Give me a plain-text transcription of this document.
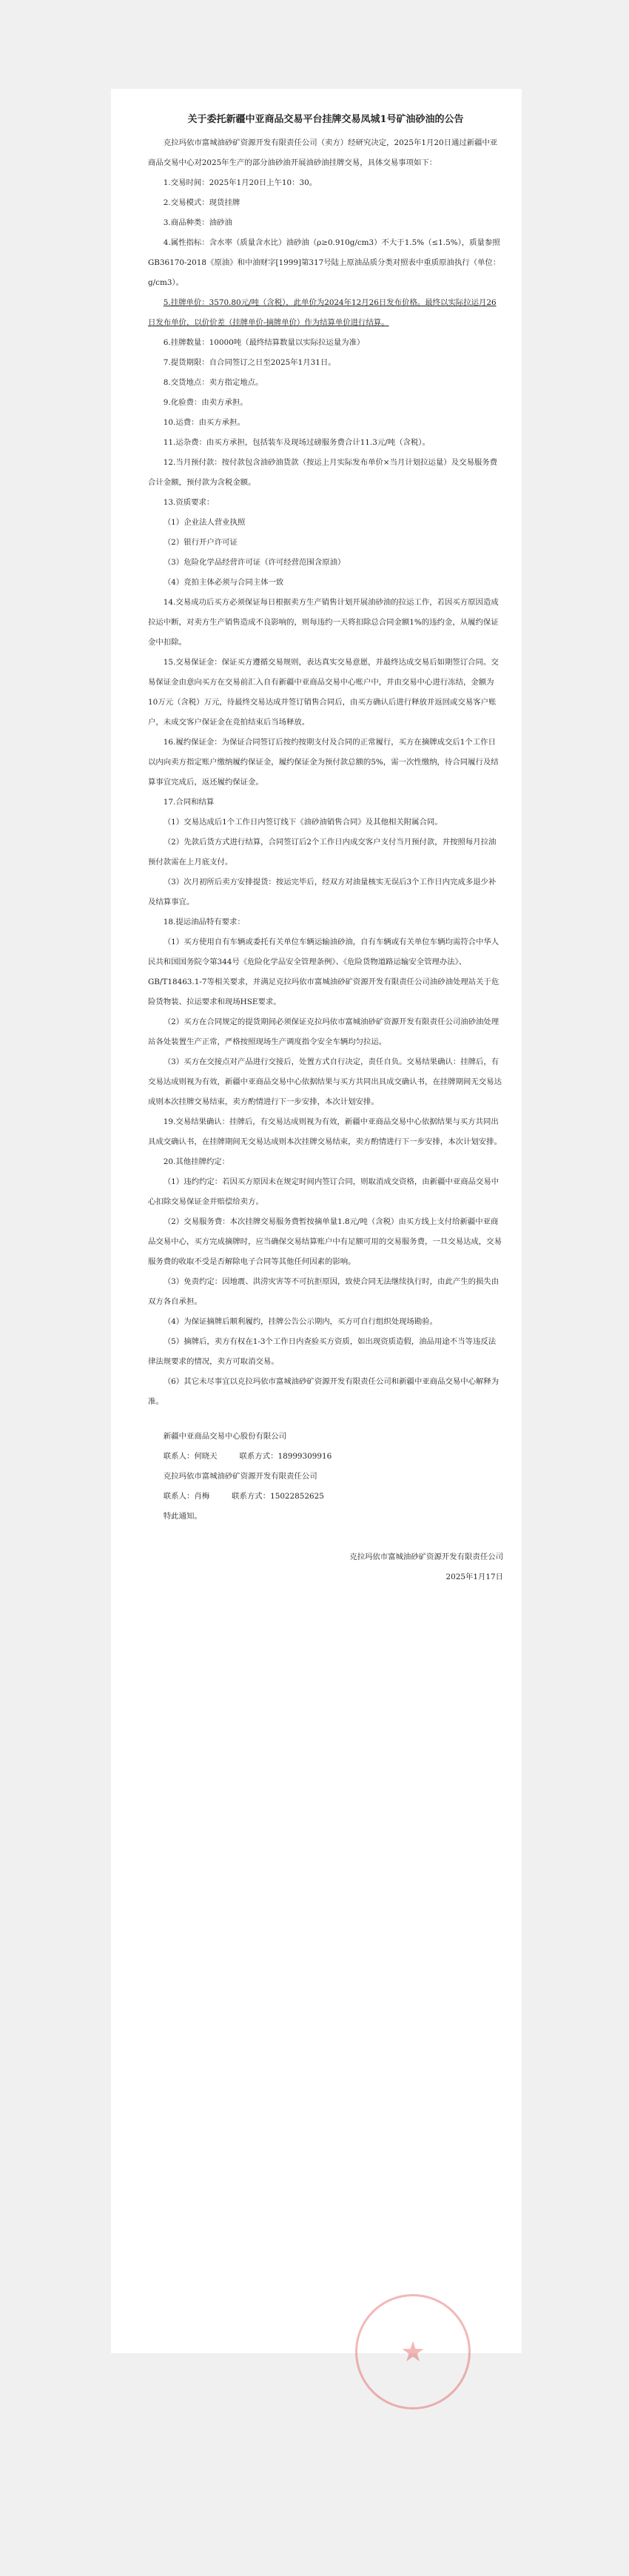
关于委托新疆中亚商品交易平台挂牌交易凤城1号矿油砂油的公告

克拉玛依市富城油砂矿资源开发有限责任公司（卖方）经研究决定，2025年1月20日通过新疆中亚商品交易中心对2025年生产的部分油砂油开展油砂油挂牌交易，具体交易事项如下：

1.交易时间：2025年1月20日上午10：30。

2.交易模式：现货挂牌

3.商品种类：油砂油

4.属性指标：含水率（质量含水比）油砂油（ρ≥0.910g/cm3）不大于1.5%（≤1.5%），质量参照GB36170-2018《原油》和中油财字[1999]第317号陆上原油品质分类对照表中重质原油执行（单位：g/cm3）。

5.挂牌单价：3570.80元/吨（含税），此单价为2024年12月26日发布价格。最终以实际拉运月26日发布单价，以价价差（挂牌单价-摘牌单价）作为结算单价进行结算。

6.挂牌数量：10000吨（最终结算数量以实际拉运量为准）

7.提货期限：自合同签订之日至2025年1月31日。

8.交货地点：卖方指定地点。

9.化验费：由卖方承担。

10.运费：由买方承担。

11.运杂费：由买方承担，包括装车及现场过磅服务费合计11.3元/吨（含税）。

12.当月预付款：按付款包含油砂油货款（按运上月实际发布单价×当月计划拉运量）及交易服务费合计金额，预付款为含税金额。

13.资质要求：

（1）企业法人营业执照

（2）银行开户许可证

（3）危险化学品经营许可证（许可经营范围含原油）

（4）竞拍主体必须与合同主体一致

14.交易成功后买方必须保证每日根据卖方生产销售计划开展油砂油的拉运工作，若因买方原因造成拉运中断，对卖方生产销售造成不良影响的，则每违约一天将扣除总合同金额1%的违约金，从履约保证金中扣除。

15.交易保证金：保证买方遵循交易规则，表达真实交易意愿，并最终达成交易后如期签订合同。交易保证金由意向买方在交易前汇入自有新疆中亚商品交易中心账户中，并由交易中心进行冻结，金额为10万元（含税）万元，待最终交易达成并签订销售合同后，由买方确认后进行释放并返回或交易客户账户，未成交客户保证金在竞拍结束后当场释放。

16.履约保证金：为保证合同签订后按约按期支付及合同的正常履行，买方在摘牌成交后1个工作日以内向卖方指定账户缴纳履约保证金，履约保证金为预付款总额的5%，需一次性缴纳，待合同履行及结算事宜完成后，返还履约保证金。

17.合同和结算

（1）交易达成后1个工作日内签订线下《油砂油销售合同》及其他相关附属合同。

（2）先款后货方式进行结算，合同签订后2个工作日内成交客户支付当月预付款，并按照每月拉油预付款需在上月底支付。

（3）次月初所后卖方安排提货：按运完毕后，经双方对油量核实无误后3个工作日内完成多退少补及结算事宜。

18.提运油品特有要求：

（1）买方使用自有车辆或委托有关单位车辆运输油砂油，自有车辆或有关单位车辆均需符合中华人民共和国国务院令第344号《危险化学品安全管理条例》、《危险货物道路运输安全管理办法》、GB/T18463.1-7等相关要求，并满足克拉玛依市富城油砂矿资源开发有限责任公司油砂油处理站关于危险货物装、拉运要求和现场HSE要求。

（2）买方在合同规定的提货期间必须保证克拉玛依市富城油砂矿资源开发有限责任公司油砂油处理站各处装置生产正常，严格按照现场生产调度指令安全车辆均匀拉运。

（3）买方在交接点对产品进行交接后，处置方式自行决定，责任自负。交易结果确认：挂牌后，有交易达成则视为有效，新疆中亚商品交易中心依据结果与买方共同出具成交确认书，在挂牌期间无交易达成则本次挂牌交易结束，卖方酌情进行下一步安排，本次计划安排。

19.交易结果确认：挂牌后，有交易达成则视为有效，新疆中亚商品交易中心依据结果与买方共同出具成交确认书，在挂牌期间无交易达成则本次挂牌交易结束，卖方酌情进行下一步安排，本次计划安排。

20.其他挂牌约定：

（1）违约约定：若因买方原因未在规定时间内签订合同，则取消成交资格，由新疆中亚商品交易中心扣除交易保证金并赔偿给卖方。

（2）交易服务费：本次挂牌交易服务费暂按摘单量1.8元/吨（含税）由买方线上支付给新疆中亚商品交易中心，买方完成摘牌时，应当确保交易结算账户中有足额可用的交易服务费，一旦交易达成，交易服务费的收取不受是否解除电子合同等其他任何因素的影响。

（3）免责约定：因地震、洪涝灾害等不可抗拒原因，致使合同无法继续执行时，由此产生的损失由双方各自承担。

（4）为保证摘牌后顺利履约，挂牌公告公示期内，买方可自行组织处现场勘验。

（5）摘牌后，卖方有权在1-3个工作日内查验买方资质，如出现资质造假，油品用途不当等违反法律法规要求的情况，卖方可取消交易。

（6）其它未尽事宜以克拉玛依市富城油砂矿资源开发有限责任公司和新疆中亚商品交易中心解释为准。

新疆中亚商品交易中心股份有限公司

联系人：何晓天	联系方式：18999309916

克拉玛依市富城油砂矿资源开发有限责任公司

联系人：肖梅	联系方式：15022852625

特此通知。

克拉玛依市富城油砂矿资源开发有限责任公司

2025年1月17日

★
